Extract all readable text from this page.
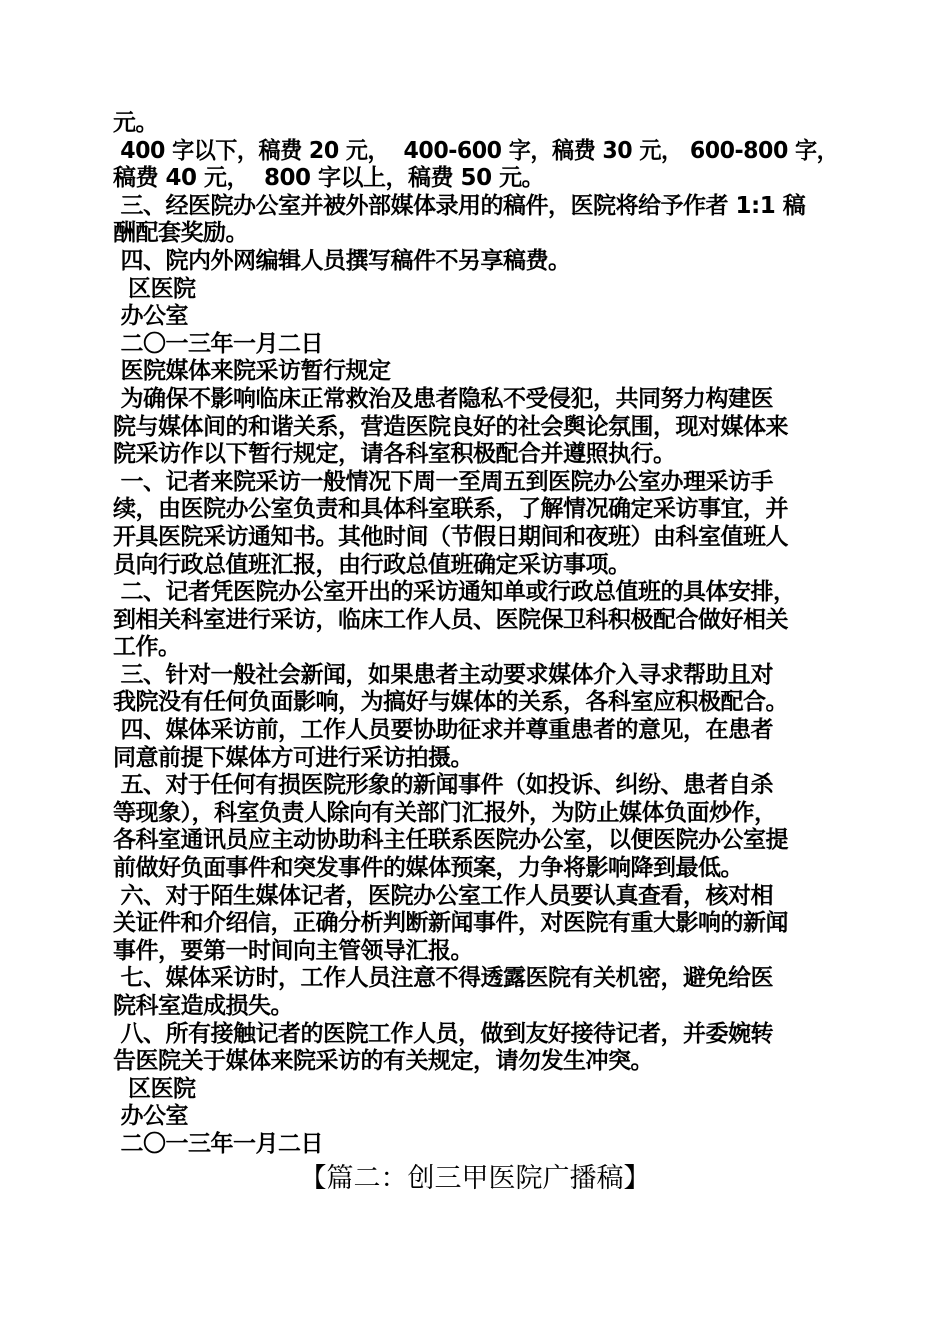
元。
400 字以下，稿费 20 元，  400-600 字，稿费 30 元， 600-800 字，
稿费 40 元，  800 字以上，稿费 50 元。
三、经医院办公室并被外部媒体录用的稿件，医院将给予作者 1:1 稿
酬配套奖励。
四、院内外网编辑人员撰写稿件不另享稿费。
区医院
办公室
二〇一三年一月二日
医院媒体来院采访暂行规定
为确保不影响临床正常救治及患者隐私不受侵犯，共同努力构建医
院与媒体间的和谐关系，营造医院良好的社会舆论氛围，现对媒体来
院采访作以下暂行规定，请各科室积极配合并遵照执行。
一、记者来院采访一般情况下周一至周五到医院办公室办理采访手
续，由医院办公室负责和具体科室联系，了解情况确定采访事宜，并
开具医院采访通知书。其他时间（节假日期间和夜班）由科室值班人
员向行政总值班汇报，由行政总值班确定采访事项。
二、记者凭医院办公室开出的采访通知单或行政总值班的具体安排，
到相关科室进行采访，临床工作人员、医院保卫科积极配合做好相关
工作。
三、针对一般社会新闻，如果患者主动要求媒体介入寻求帮助且对
我院没有任何负面影响，为搞好与媒体的关系，各科室应积极配合。
四、媒体采访前，工作人员要协助征求并尊重患者的意见，在患者
同意前提下媒体方可进行采访拍摄。
五、对于任何有损医院形象的新闻事件（如投诉、纠纷、患者自杀
等现象），科室负责人除向有关部门汇报外，为防止媒体负面炒作，
各科室通讯员应主动协助科主任联系医院办公室，以便医院办公室提
前做好负面事件和突发事件的媒体预案，力争将影响降到最低。
六、对于陌生媒体记者，医院办公室工作人员要认真查看，核对相
关证件和介绍信，正确分析判断新闻事件，对医院有重大影响的新闻
事件，要第一时间向主管领导汇报。
七、媒体采访时，工作人员注意不得透露医院有关机密，避免给医
院科室造成损失。
八、所有接触记者的医院工作人员，做到友好接待记者，并委婉转
告医院关于媒体来院采访的有关规定，请勿发生冲突。
区医院
办公室
二〇一三年一月二日
【篇二：创三甲医院广播稿】
